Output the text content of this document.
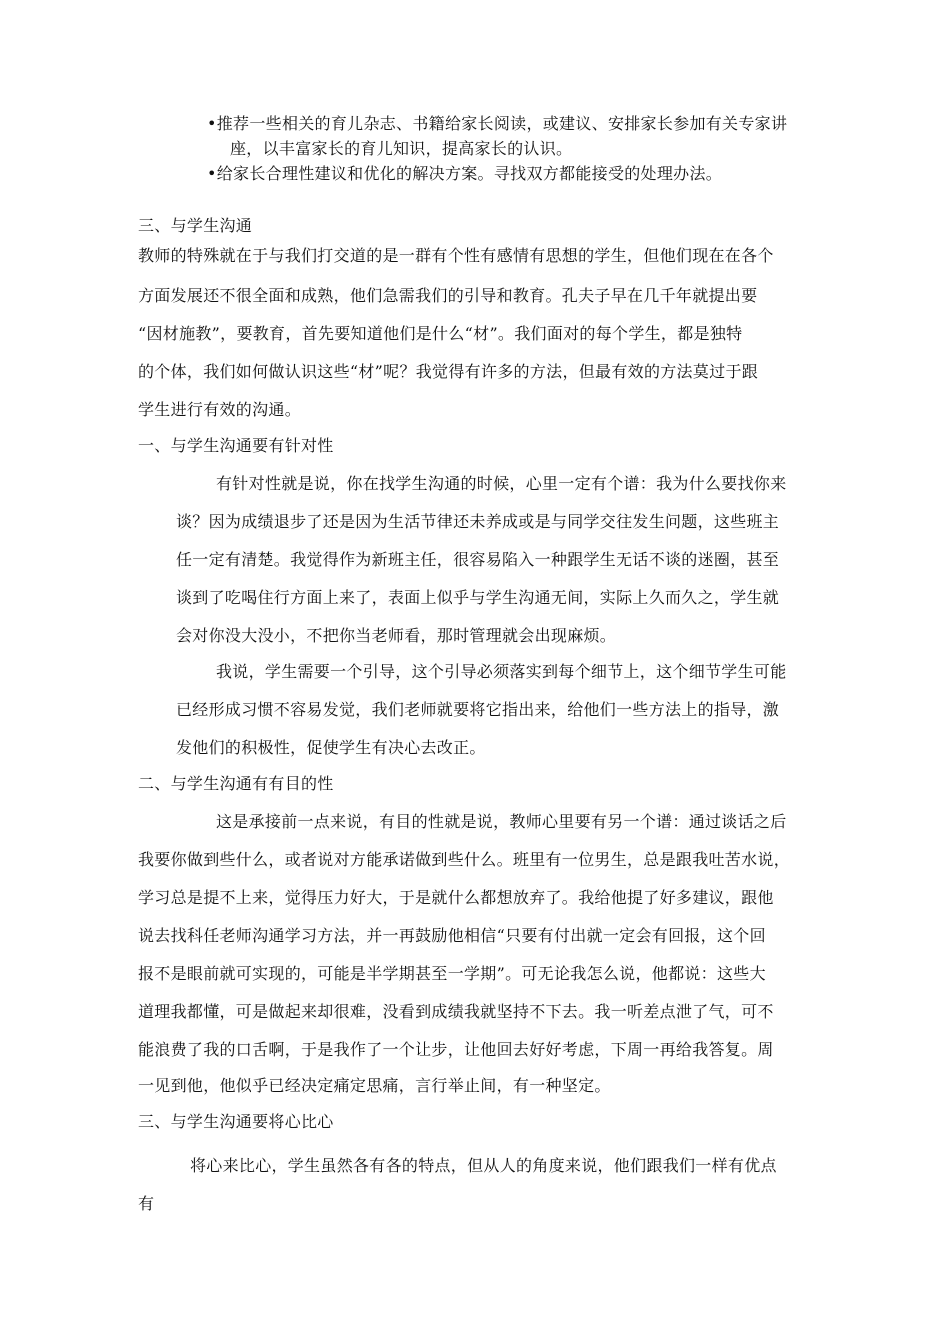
•推荐一些相关的育儿杂志、书籍给家长阅读，或建议、安排家长参加有关专家讲
座，以丰富家长的育儿知识，提高家长的认识。
•给家长合理性建议和优化的解决方案。寻找双方都能接受的处理办法。
三、与学生沟通
教师的特殊就在于与我们打交道的是一群有个性有感情有思想的学生，但他们现在在各个
方面发展还不很全面和成熟，他们急需我们的引导和教育。孔夫子早在几千年就提出要
“因材施教”，要教育，首先要知道他们是什么“材”。我们面对的每个学生，都是独特
的个体，我们如何做认识这些“材”呢？我觉得有许多的方法，但最有效的方法莫过于跟
学生进行有效的沟通。
一、与学生沟通要有针对性
有针对性就是说，你在找学生沟通的时候，心里一定有个谱：我为什么要找你来
谈？因为成绩退步了还是因为生活节律还未养成或是与同学交往发生问题，这些班主
任一定有清楚。我觉得作为新班主任，很容易陷入一种跟学生无话不谈的迷圈，甚至
谈到了吃喝住行方面上来了，表面上似乎与学生沟通无间，实际上久而久之，学生就
会对你没大没小，不把你当老师看，那时管理就会出现麻烦。
我说，学生需要一个引导，这个引导必须落实到每个细节上，这个细节学生可能
已经形成习惯不容易发觉，我们老师就要将它指出来，给他们一些方法上的指导，激
发他们的积极性，促使学生有决心去改正。
二、与学生沟通有有目的性
这是承接前一点来说，有目的性就是说，教师心里要有另一个谱：通过谈话之后
我要你做到些什么，或者说对方能承诺做到些什么。班里有一位男生，总是跟我吐苦水说，
学习总是提不上来，觉得压力好大，于是就什么都想放弃了。我给他提了好多建议，跟他
说去找科任老师沟通学习方法，并一再鼓励他相信“只要有付出就一定会有回报，这个回
报不是眼前就可实现的，可能是半学期甚至一学期”。可无论我怎么说，他都说：这些大
道理我都懂，可是做起来却很难，没看到成绩我就坚持不下去。我一听差点泄了气，可不
能浪费了我的口舌啊，于是我作了一个让步，让他回去好好考虑，下周一再给我答复。周
一见到他，他似乎已经决定痛定思痛，言行举止间，有一种坚定。
三、与学生沟通要将心比心
将心来比心，学生虽然各有各的特点，但从人的角度来说，他们跟我们一样有优点
有
